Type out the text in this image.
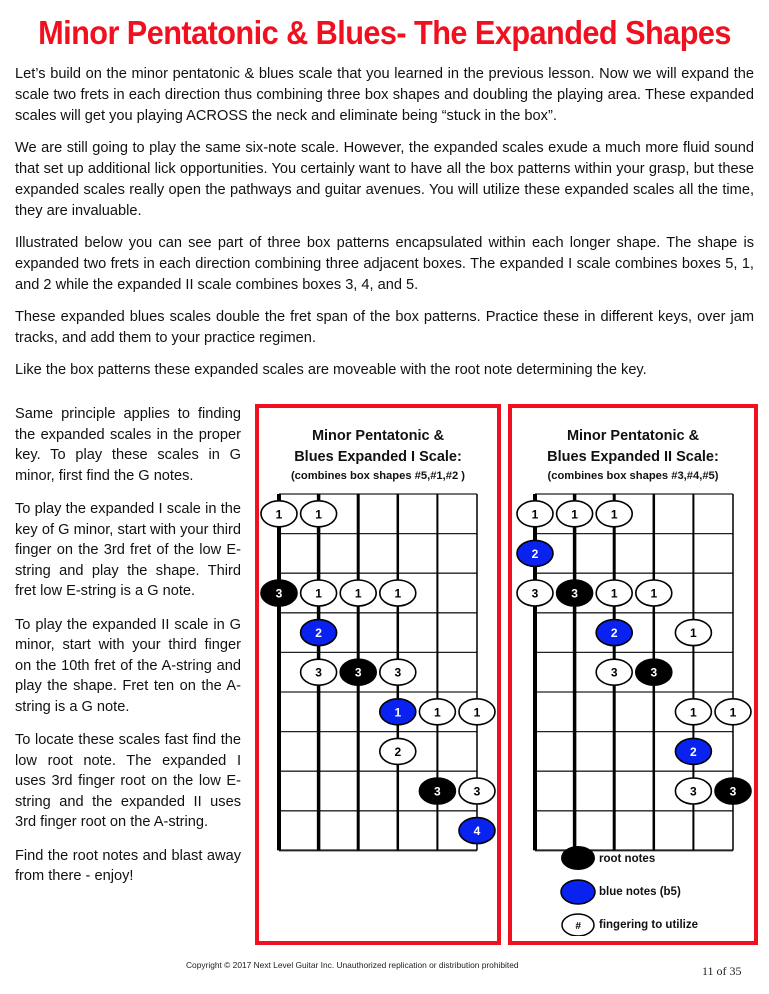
Minor Pentatonic & Blues- The Expanded Shapes

Let’s build on the minor pentatonic & blues scale that you learned in the previous lesson. Now we will expand the scale two frets in each direction thus combining three box shapes and doubling the playing area. These expanded scales will get you playing ACROSS the neck and eliminate being “stuck in the box”.

We are still going to play the same six-note scale. However, the expanded scales exude a much more fluid sound that set up additional lick opportunities. You certainly want to have all the box patterns within your grasp, but these expanded scales really open the pathways and guitar avenues. You will utilize these expanded scales all the time, they are invaluable.

Illustrated below you can see part of three box patterns encapsulated within each longer shape. The shape is expanded two frets in each direction combining three adjacent boxes. The expanded I scale combines boxes 5, 1, and 2 while the expanded II scale combines boxes 3, 4, and 5.

These expanded blues scales double the fret span of the box patterns. Practice these in different keys, over jam tracks, and add them to your practice regimen.

Like the box patterns these expanded scales are moveable with the root note determining the key.

Same principle applies to finding the expanded scales in the proper key. To play these scales in G minor, first find the G notes.

To play the expanded I scale in the key of G minor, start with your third finger on the 3rd fret of the low E-string and play the shape. Third fret low E-string is a G note.

To play the expanded II scale in G minor, start with your third finger on the 10th fret of the A-string and play the shape. Fret ten on the A-string is a G note.

To locate these scales fast find the low root note. The expanded I uses 3rd finger root on the low E-string and the expanded II uses 3rd finger root on the A-string.

Find the root notes and blast away from there - enjoy!

Minor Pentatonic &
Blues Expanded I Scale:
(combines box shapes #5,#1,#2 )
1	1
3	1	1	1
2
3	3	3
1	1	1
2
3	3
4
Minor Pentatonic &
Blues Expanded II Scale:
(combines box shapes #3,#4,#5)
1	1	1
2
3	3	1	1
2	1
3	3
1	1
2
3	3
#
root notes
blue notes (b5)
fingering to utilize
Copyright © 2017 Next Level Guitar Inc. Unauthorized replication or distribution prohibited	11 of 35
